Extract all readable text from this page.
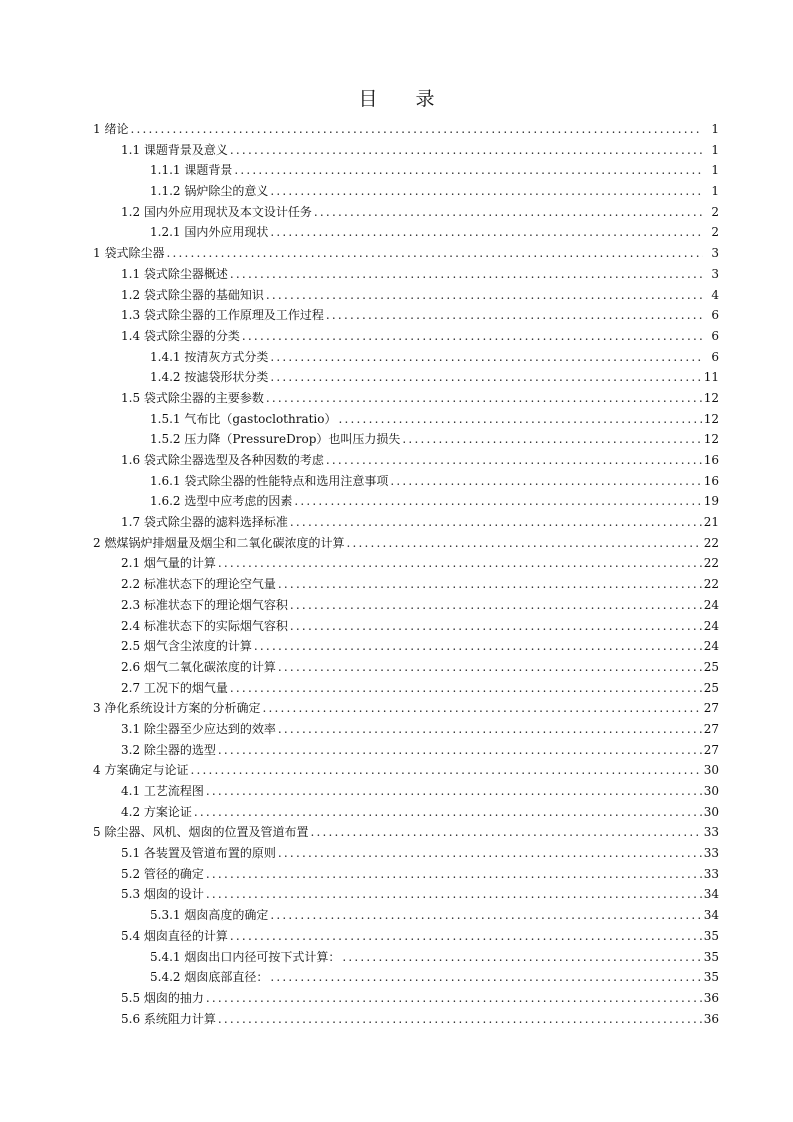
目 录
1 绪论 .....	1
1.1 课题背景及意义 .....	1
1.1.1 课题背景 .....	1
1.1.2 锅炉除尘的意义 .....	1
1.2 国内外应用现状及本文设计任务 .....	2
1.2.1 国内外应用现状 .....	2
1 袋式除尘器 .....	3
1.1 袋式除尘器概述 .....	3
1.2 袋式除尘器的基础知识 .....	4
1.3 袋式除尘器的工作原理及工作过程 .....	6
1.4 袋式除尘器的分类 .....	6
1.4.1 按清灰方式分类 .....	6
1.4.2 按滤袋形状分类 .....	11
1.5 袋式除尘器的主要参数 .....	12
1.5.1 气布比（gastoclothratio） .....	12
1.5.2 压力降（PressureDrop）也叫压力损失 .....	12
1.6 袋式除尘器选型及各种因数的考虑 .....	16
1.6.1 袋式除尘器的性能特点和选用注意事项 .....	16
1.6.2 选型中应考虑的因素 .....	19
1.7 袋式除尘器的滤料选择标准 .....	21
2 燃煤锅炉排烟量及烟尘和二氧化碳浓度的计算 .....	22
2.1 烟气量的计算 .....	22
2.2 标准状态下的理论空气量 .....	22
2.3 标准状态下的理论烟气容积 .....	24
2.4 标准状态下的实际烟气容积 .....	24
2.5 烟气含尘浓度的计算 .....	24
2.6 烟气二氧化碳浓度的计算 .....	25
2.7 工况下的烟气量 .....	25
3 净化系统设计方案的分析确定 .....	27
3.1 除尘器至少应达到的效率 .....	27
3.2 除尘器的选型 .....	27
4 方案确定与论证 .....	30
4.1 工艺流程图 .....	30
4.2 方案论证 .....	30
5 除尘器、风机、烟囱的位置及管道布置 .....	33
5.1 各装置及管道布置的原则 .....	33
5.2 管径的确定 .....	33
5.3 烟囱的设计 .....	34
5.3.1 烟囱高度的确定 .....	34
5.4 烟囱直径的计算 .....	35
5.4.1 烟囱出口内径可按下式计算： .....	35
5.4.2 烟囱底部直径： .....	35
5.5 烟囱的抽力 .....	36
5.6 系统阻力计算 .....	36
